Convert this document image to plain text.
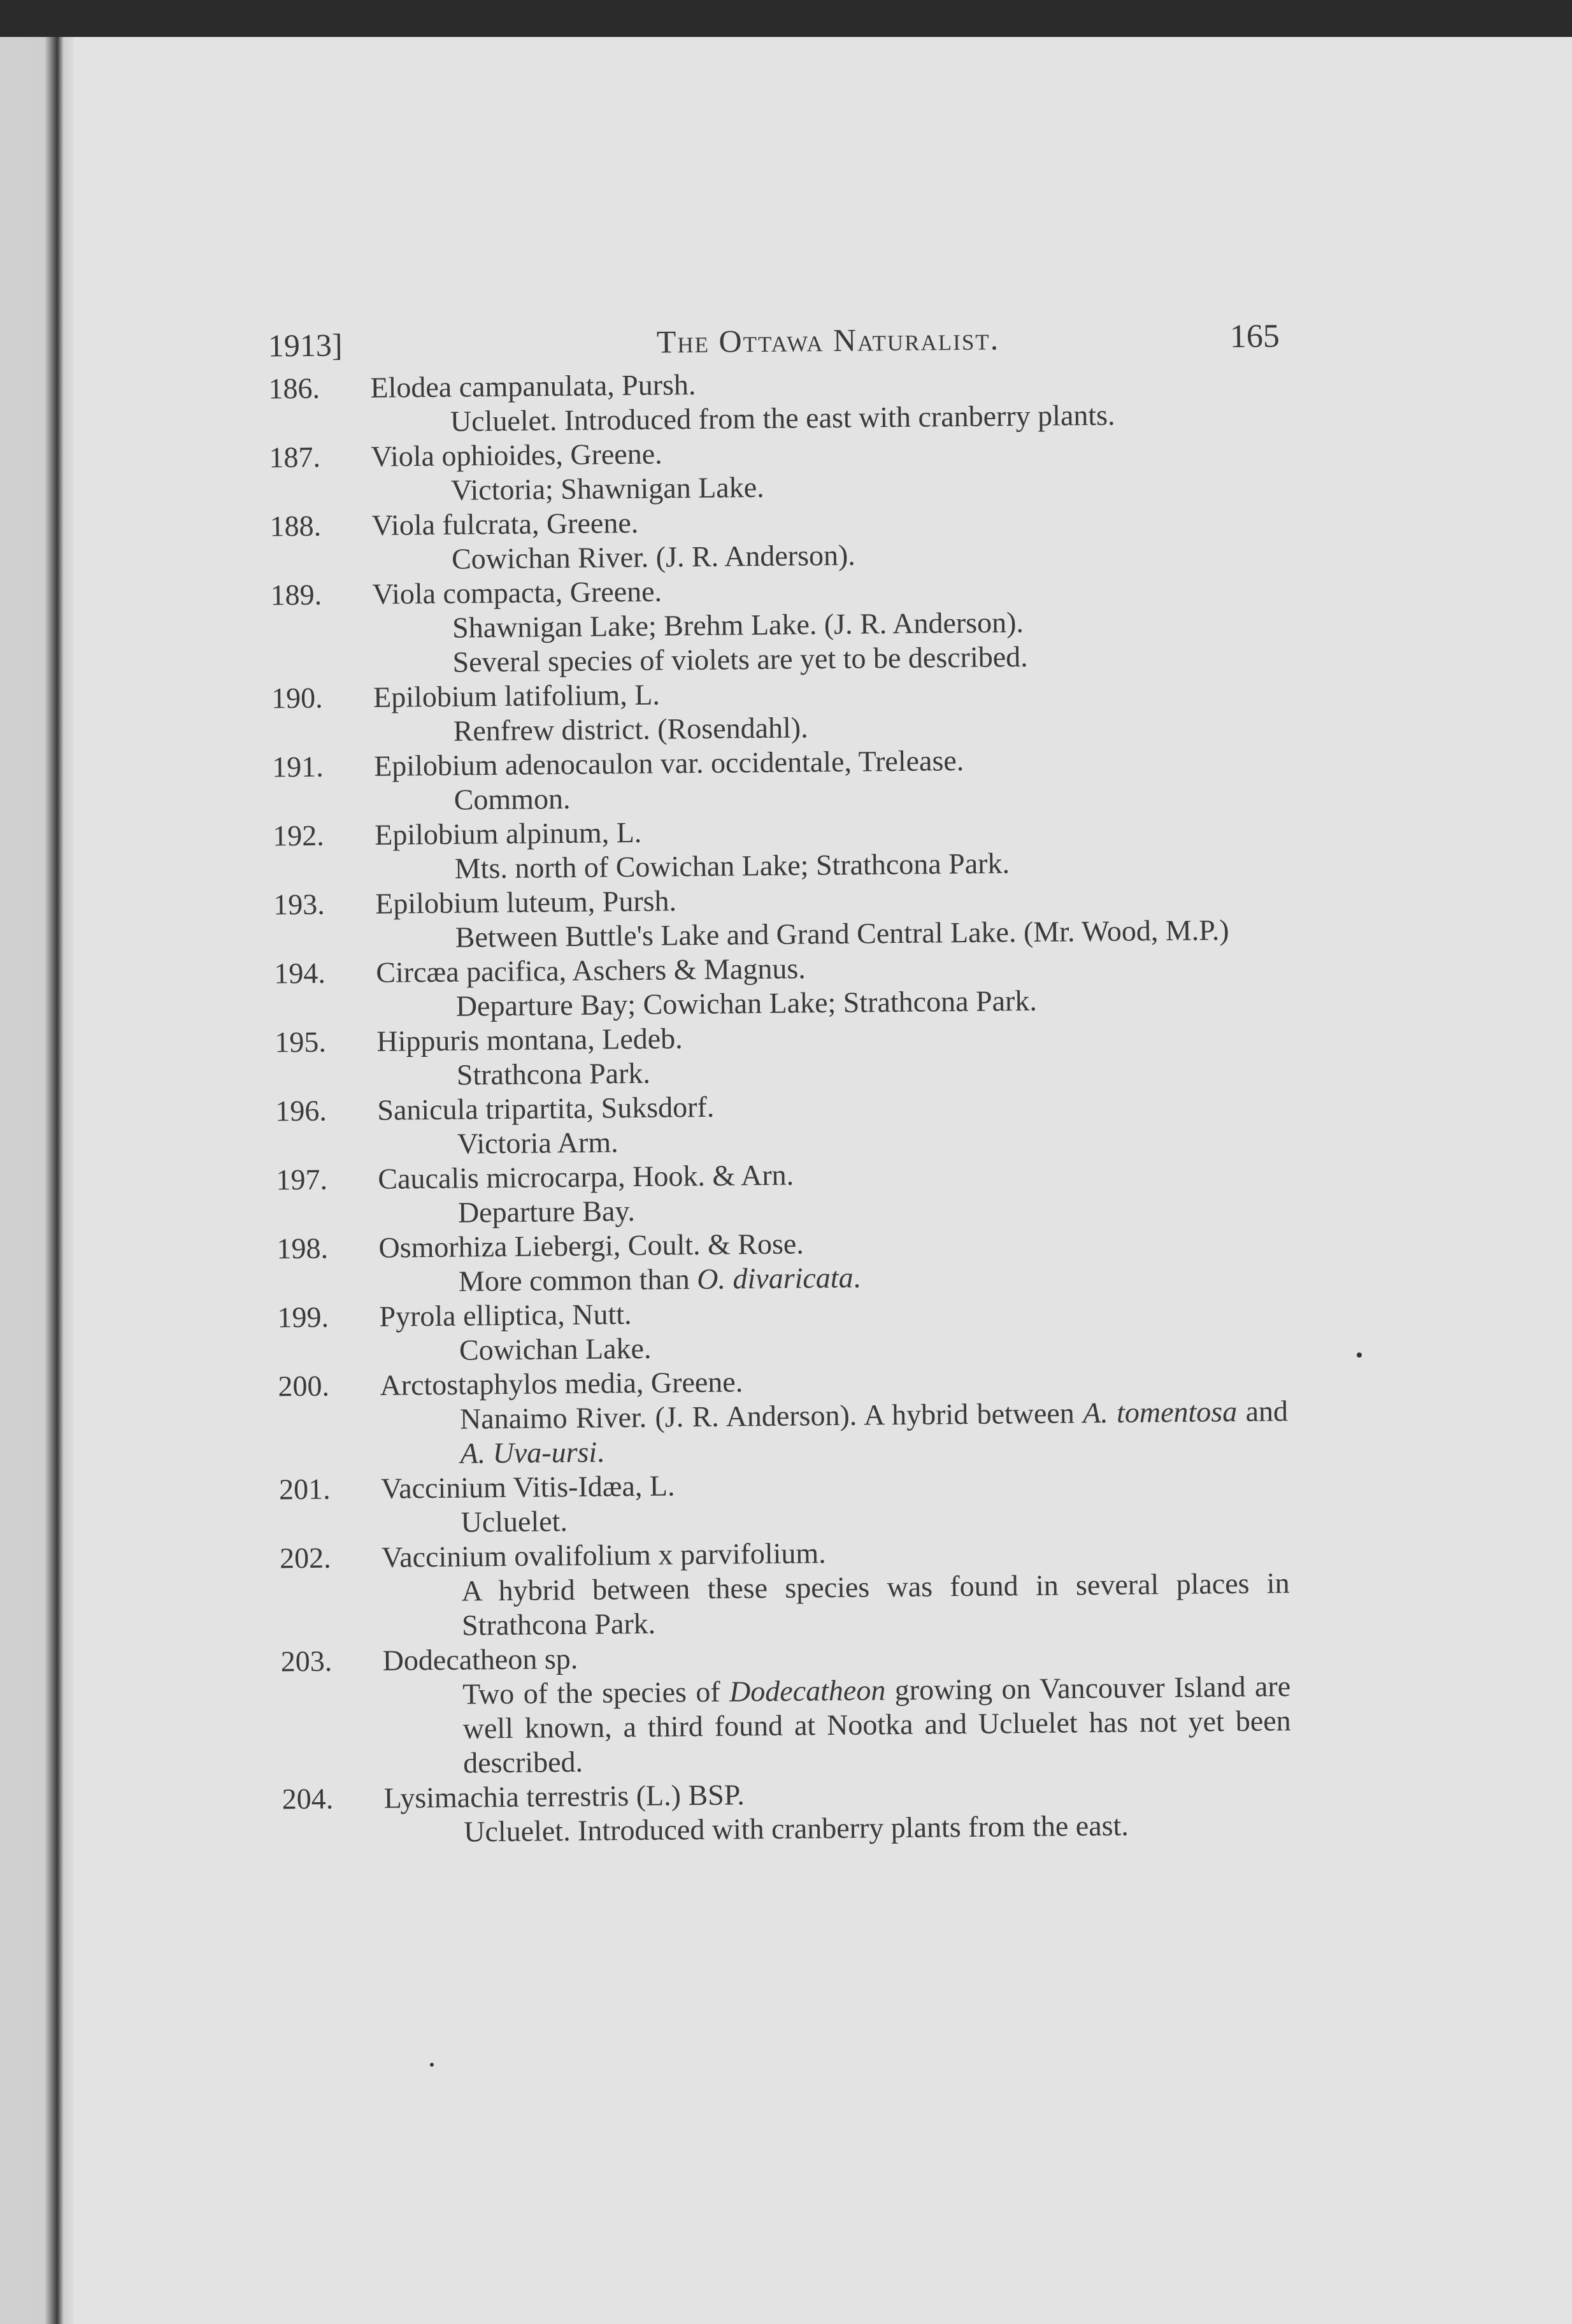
1913]	The Ottawa Naturalist.	165
186.	Elodea campanulata, Pursh.
Ucluelet. Introduced from the east with cranberry plants.
187.	Viola ophioides, Greene.
Victoria; Shawnigan Lake.
188.	Viola fulcrata, Greene.
Cowichan River. (J. R. Anderson).
189.	Viola compacta, Greene.
Shawnigan Lake; Brehm Lake. (J. R. Anderson).
Several species of violets are yet to be described.
190.	Epilobium latifolium, L.
Renfrew district. (Rosendahl).
191.	Epilobium adenocaulon var. occidentale, Trelease.
Common.
192.	Epilobium alpinum, L.
Mts. north of Cowichan Lake; Strathcona Park.
193.	Epilobium luteum, Pursh.
Between Buttle's Lake and Grand Central Lake. (Mr. Wood, M.P.)
194.	Circæa pacifica, Aschers & Magnus.
Departure Bay; Cowichan Lake; Strathcona Park.
195.	Hippuris montana, Ledeb.
Strathcona Park.
196.	Sanicula tripartita, Suksdorf.
Victoria Arm.
197.	Caucalis microcarpa, Hook. & Arn.
Departure Bay.
198.	Osmorhiza Liebergi, Coult. & Rose.
More common than O. divaricata.
199.	Pyrola elliptica, Nutt.
Cowichan Lake.
200.	Arctostaphylos media, Greene.
Nanaimo River. (J. R. Anderson). A hybrid between A. tomentosa and A. Uva-ursi.
201.	Vaccinium Vitis-Idæa, L.
Ucluelet.
202.	Vaccinium ovalifolium x parvifolium.
A hybrid between these species was found in several places in Strathcona Park.
203.	Dodecatheon sp.
Two of the species of Dodecatheon growing on Vancouver Island are well known, a third found at Nootka and Ucluelet has not yet been described.
204.	Lysimachia terrestris (L.) BSP.
Ucluelet. Introduced with cranberry plants from the east.
